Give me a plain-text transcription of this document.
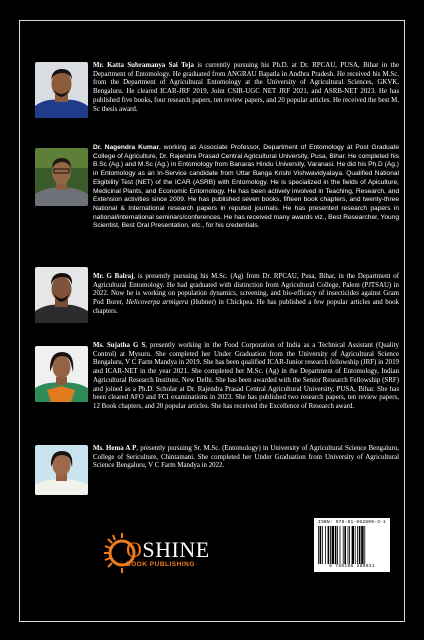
Mr. Katta Subramanya Sai Teja is currently pursuing his Ph.D. at Dr. RPCAU, PUSA, Bihar in the Department of Entomology. He graduated from ANGRAU Bapatla in Andhra Pradesh. He received his M.Sc. from the Department of Agricultural Entomology at the University of Agricultural Sciences, GKVK, Bengaluru. He cleared ICAR-JRF 2019, Joint CSIR-UGC NET JRF 2021, and ASRB-NET 2023. He has published five books, four research papers, ten review papers, and 20 popular articles. He received the best M. Sc thesis award.
Dr. Nagendra Kumar, working as Associate Professor, Department of Entomology at Post Graduate College of Agriculture, Dr. Rajendra Prasad Central Agricultural University, Pusa, Bihar. He completed his B.Sc (Ag.) and M.Sc (Ag.) in Entomology from Banaras Hindu University, Varanasi. He did his Ph.D (Ag.) in Entomology as an In-Service candidate from Uttar Banga Krishi Vishwavidyalaya. Qualified National Eligibility Test (NET) of the ICAR (ASRB) with Entomology. He is specialized in the fields of Apiculture, Medicinal Plants, and Economic Entomology. He has been actively involved in Teaching, Research, and Extension activities since 2009. He has published seven books, fifteen book chapters, and twenty-three National & International research papers in reputed journals. He has presented research papers in national/international seminars/conferences. He has received many awards viz., Best Researcher, Young Scientist, Best Oral Presentation, etc., for his credentials.
Mr. G Balraj, is presently pursuing his M.Sc. (Ag) from Dr. RPCAU, Pusa, Bihar, in the Department of Agricultural Entomology. He had graduated with distinction from Agricultural College, Palem (PJTSAU) in 2022. Now he is working on population dynamics, screening, and bio-efficacy of insecticides against Gram Pod Borer, Helicoverpa armigera (Hubner) in Chickpea. He has published a few popular articles and book chapters.
Ms. Sujatha G S, presently working in the Food Corporation of India as a Technical Assistant (Quality Control) at Mysuru. She completed her Under Graduation from the University of Agricultural Science Bengaluru, V C Farm Mandya in 2019. She has been qualified ICAR-Junior research fellowship (JRF) in 2019 and ICAR-NET in the year 2021. She completed her M.Sc. (Ag) in the Department of Entomology, Indian Agricultural Research Institute, New Delhi. She has been awarded with the Senior Research Fellowship (SRF) and joined as a Ph.D. Scholar at Dr. Rajendra Prasad Central Agricultural University, PUSA, Bihar. She has been cleared AFO and FCI examinations in 2023. She has published two research papers, ten review papers, 12 Book chapters, and 20 popular articles. She has received the Excellence of Research award.
Ms. Hema A P, presently pursuing Sr. M.Sc. (Entomology) in University of Agricultural Science Bengaluru, College of Sericulture, Chintamani. She completed her Under Graduation from University of Agricultural Science Bengaluru, V C Farm Mandya in 2022.
OSHINE
BOOK PUBLISHING
ISBN: 978-81-962809-3-1
9 789196 280931
